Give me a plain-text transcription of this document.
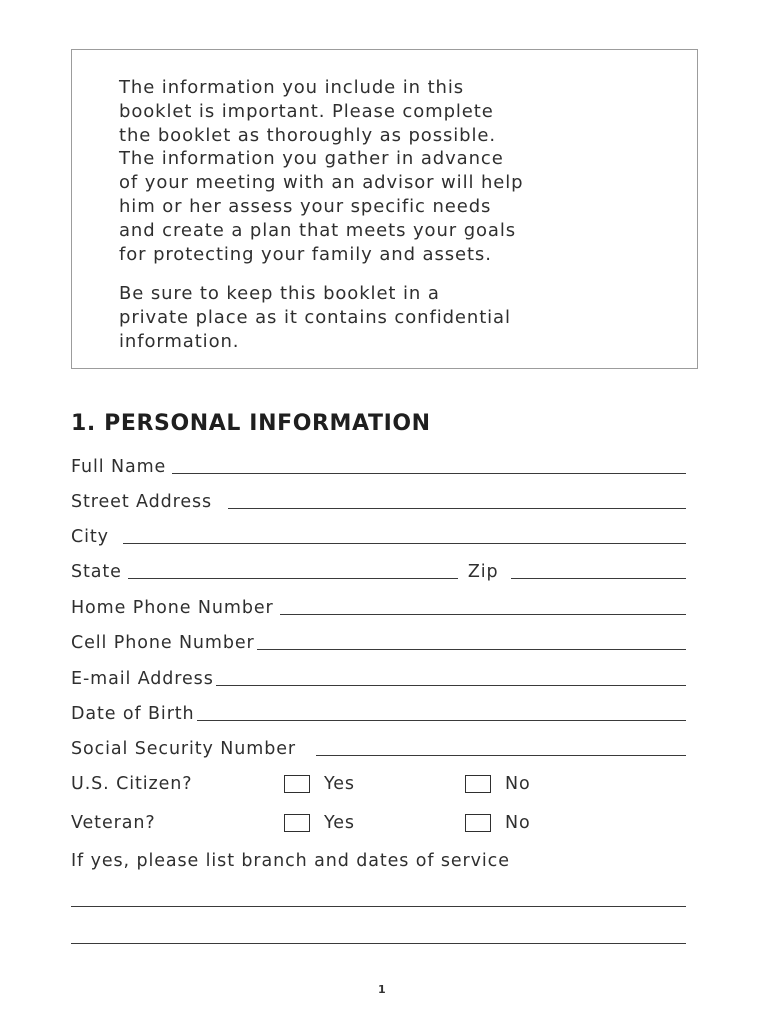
The information you include in this
booklet is important. Please complete
the booklet as thoroughly as possible.
The information you gather in advance
of your meeting with an advisor will help
him or her assess your specific needs
and create a plan that meets your goals
for protecting your family and assets.

Be sure to keep this booklet in a
private place as it contains confidential
information.

1. PERSONAL INFORMATION
Full Name
Street Address
City
State	Zip
Home Phone Number
Cell Phone Number
E-mail Address
Date of Birth
Social Security Number
U.S. Citizen?	Yes	No
Veteran?	Yes	No
If yes, please list branch and dates of service
1
